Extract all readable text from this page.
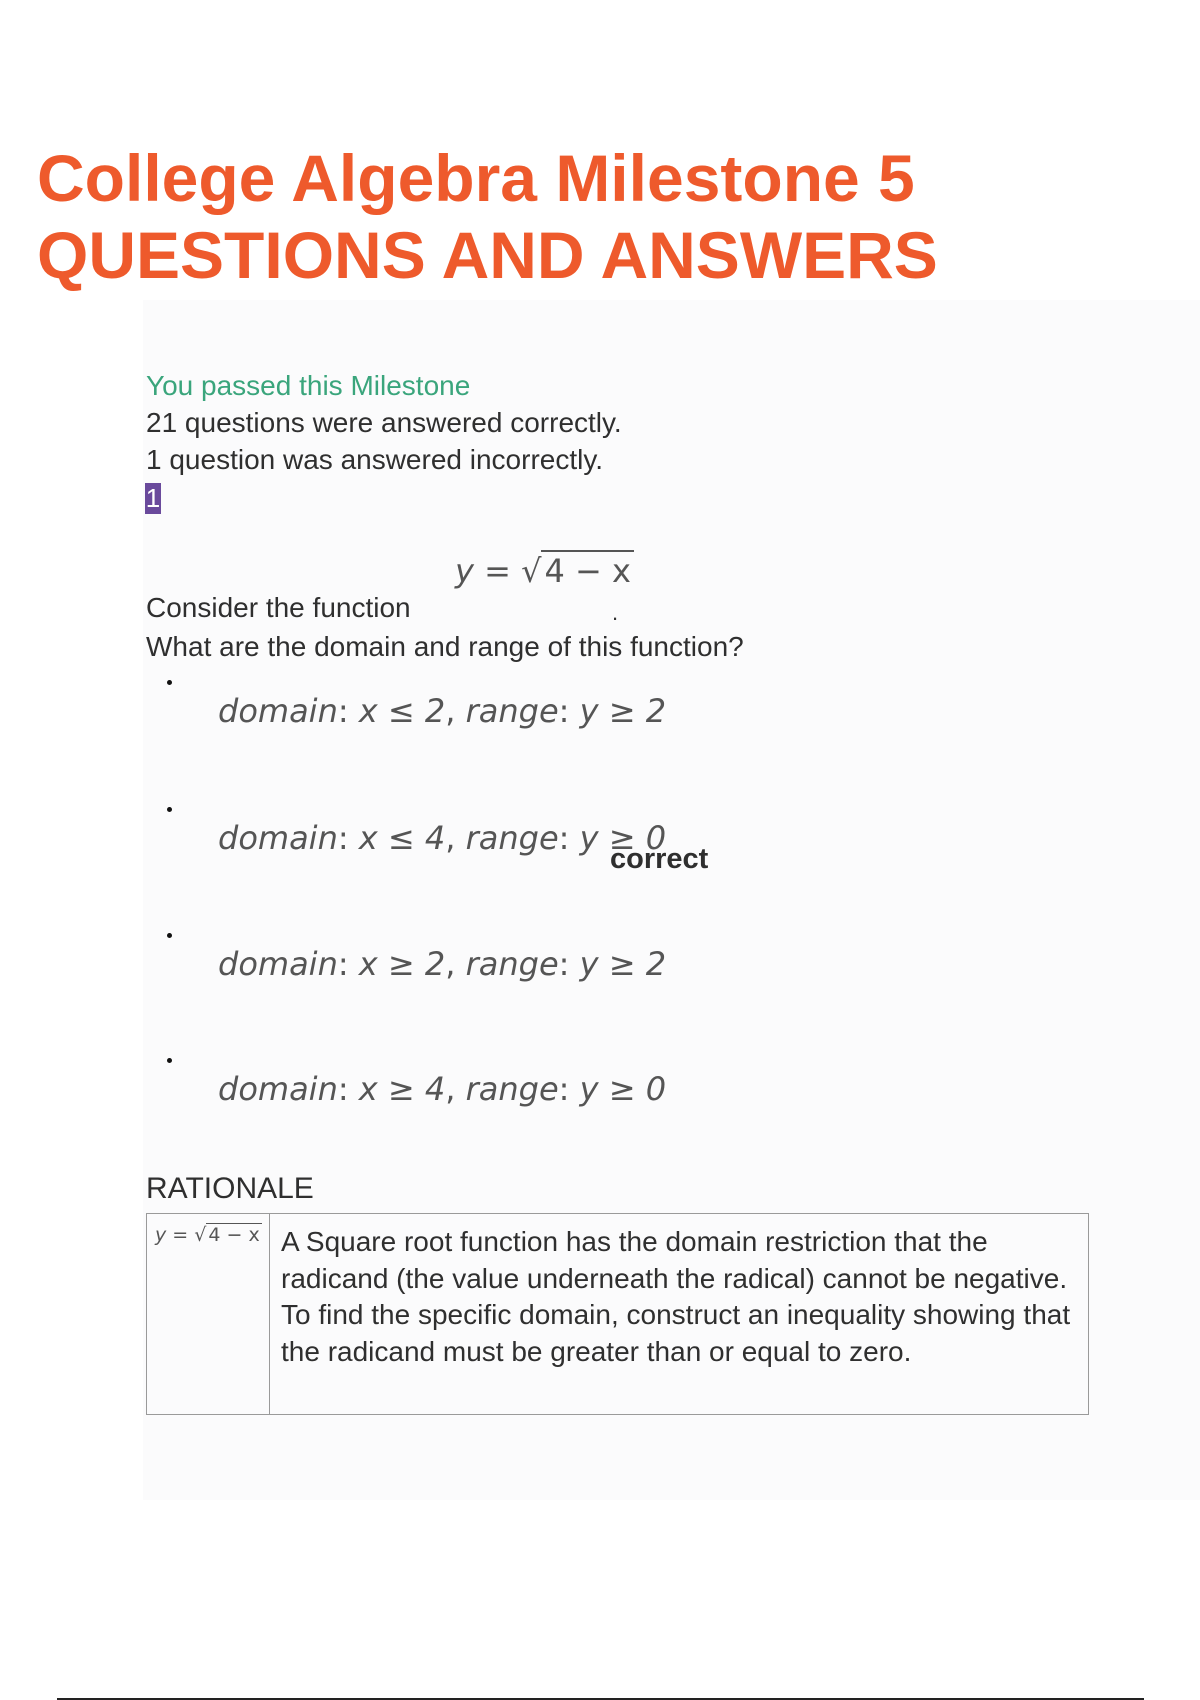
College Algebra Milestone 5
QUESTIONS AND ANSWERS
You passed this Milestone
21 questions were answered correctly.
1 question was answered incorrectly.
1
y = √4 − x
Consider the function	.
What are the domain and range of this function?
domain: x ≤ 2, range: y ≥ 2
domain: x ≤ 4, range: y ≥ 0
correct
domain: x ≥ 2, range: y ≥ 2
domain: x ≥ 4, range: y ≥ 0
RATIONALE
y = √ 4 − x A Square root function has the domain restriction that the radicand (the value underneath the radical) cannot be negative. To find the specific domain, construct an inequality showing that the radicand must be greater than or equal to zero.
